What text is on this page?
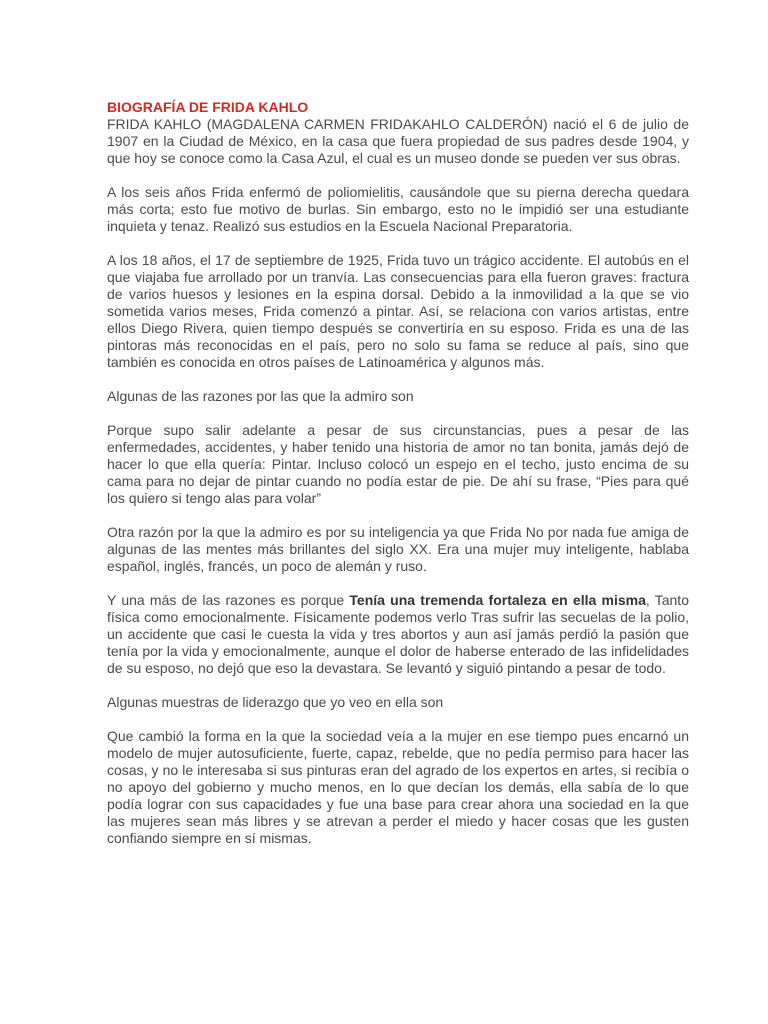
BIOGRAFÍA DE FRIDA KAHLO

FRIDA KAHLO (MAGDALENA CARMEN FRIDAKAHLO CALDERÓN) nació el 6 de julio de 1907 en la Ciudad de México, en la casa que fuera propiedad de sus padres desde 1904, y que hoy se conoce como la Casa Azul, el cual es un museo donde se pueden ver sus obras.

A los seis años Frida enfermó de poliomielitis, causándole que su pierna derecha quedara más corta; esto fue motivo de burlas. Sin embargo, esto no le impidió ser una estudiante inquieta y tenaz. Realizó sus estudios en la Escuela Nacional Preparatoria.

A los 18 años, el 17 de septiembre de 1925, Frida tuvo un trágico accidente. El autobús en el que viajaba fue arrollado por un tranvía. Las consecuencias para ella fueron graves: fractura de varios huesos y lesiones en la espina dorsal. Debido a la inmovilidad a la que se vio sometida varios meses, Frida comenzó a pintar. Así, se relaciona con varios artistas, entre ellos Diego Rivera, quien tiempo después se convertiría en su esposo. Frida es una de las pintoras más reconocidas en el país, pero no solo su fama se reduce al país, sino que también es conocida en otros países de Latinoamérica y algunos más.

Algunas de las razones por las que la admiro son

Porque supo salir adelante a pesar de sus circunstancias, pues a pesar de las enfermedades, accidentes, y haber tenido una historia de amor no tan bonita, jamás dejó de hacer lo que ella quería: Pintar. Incluso colocó un espejo en el techo, justo encima de su cama para no dejar de pintar cuando no podía estar de pie. De ahí su frase, “Pies para qué los quiero si tengo alas para volar”

Otra razón por la que la admiro es por su inteligencia ya que Frida No por nada fue amiga de algunas de las mentes más brillantes del siglo XX. Era una mujer muy inteligente, hablaba español, inglés, francés, un poco de alemán y ruso.

Y una más de las razones es porque Tenía una tremenda fortaleza en ella misma, Tanto física como emocionalmente. Físicamente podemos verlo Tras sufrir las secuelas de la polio, un accidente que casi le cuesta la vida y tres abortos y aun así jamás perdió la pasión que tenía por la vida y emocionalmente, aunque el dolor de haberse enterado de las infidelidades de su esposo, no dejó que eso la devastara. Se levantó y siguió pintando a pesar de todo.

Algunas muestras de liderazgo que yo veo en ella son

Que cambió la forma en la que la sociedad veía a la mujer en ese tiempo pues encarnó un modelo de mujer autosuficiente, fuerte, capaz, rebelde, que no pedía permiso para hacer las cosas, y no le interesaba si sus pinturas eran del agrado de los expertos en artes, si recibía o no apoyo del gobierno y mucho menos, en lo que decían los demás, ella sabía de lo que podía lograr con sus capacidades y fue una base para crear ahora una sociedad en la que las mujeres sean más libres y se atrevan a perder el miedo y hacer cosas que les gusten confiando siempre en sí mismas.
